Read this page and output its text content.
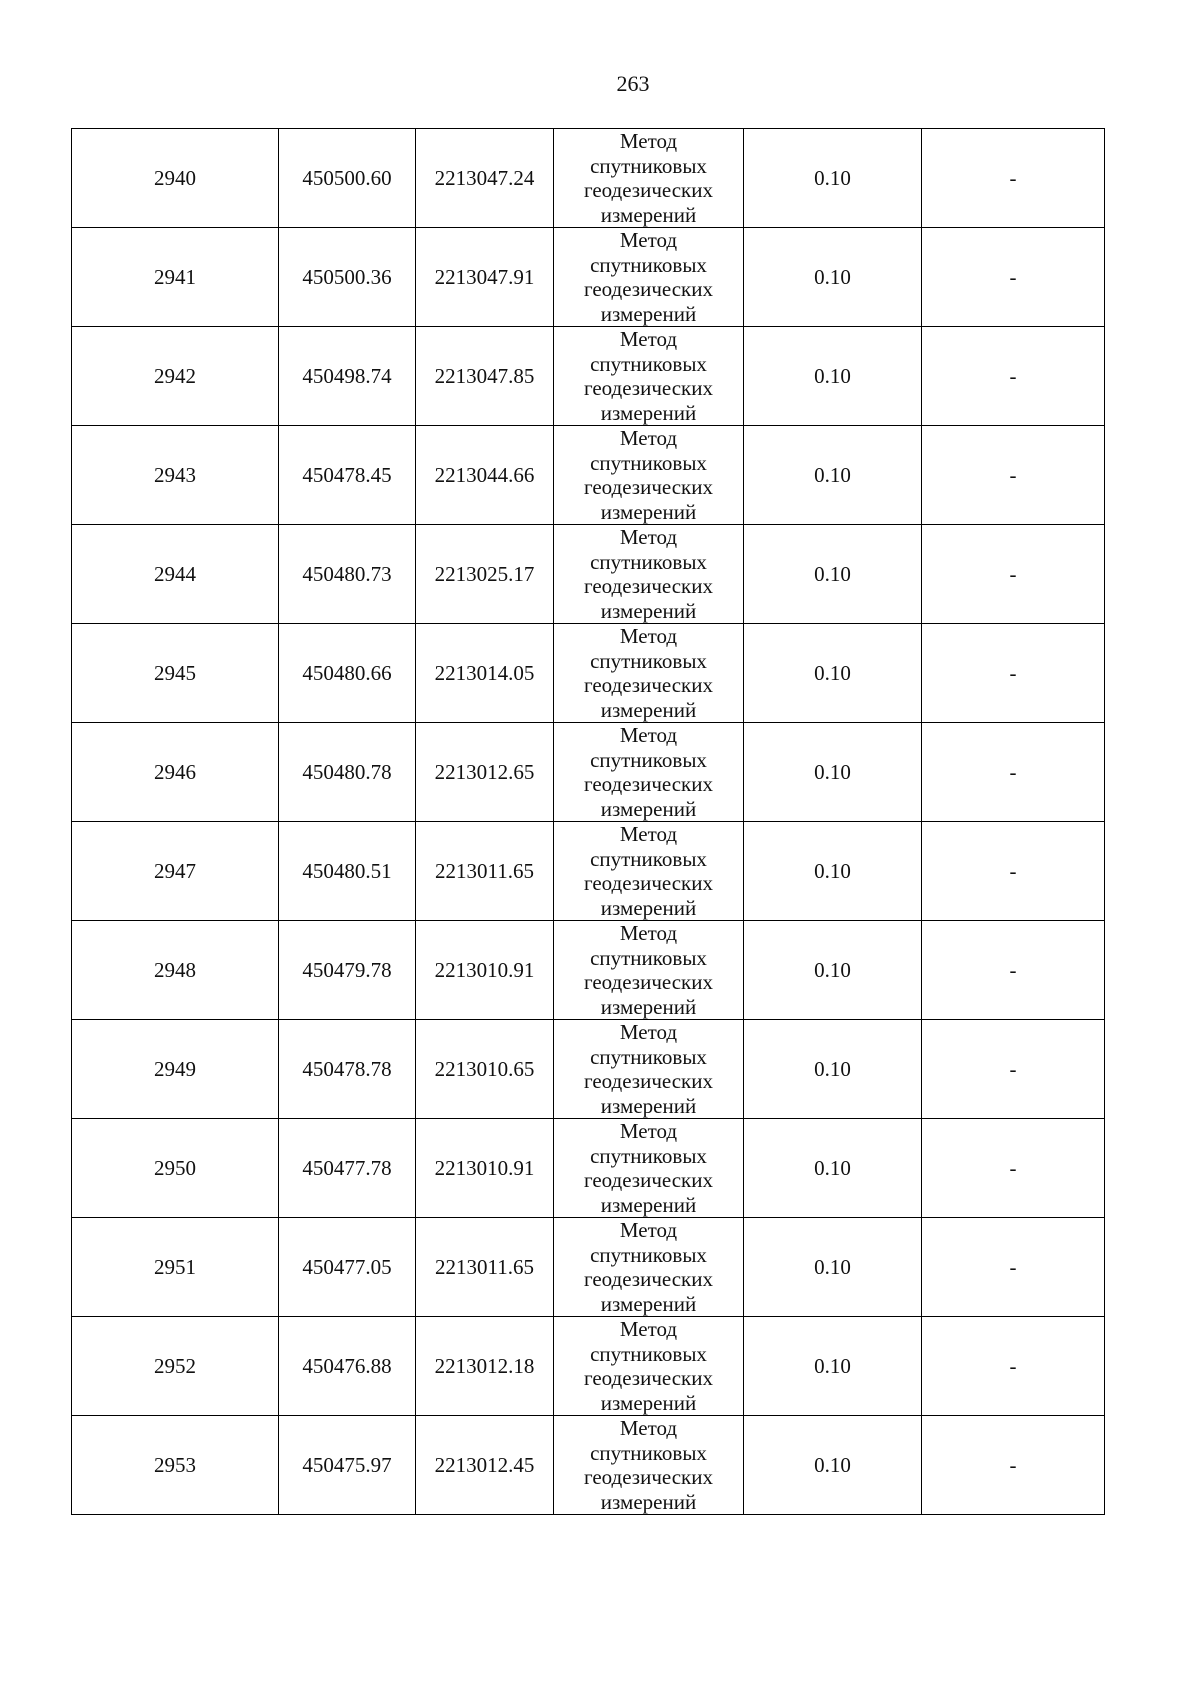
263
2940	450500.60	2213047.24	Метод
спутниковых
геодезических
измерений	0.10	-
2941	450500.36	2213047.91	Метод
спутниковых
геодезических
измерений	0.10	-
2942	450498.74	2213047.85	Метод
спутниковых
геодезических
измерений	0.10	-
2943	450478.45	2213044.66	Метод
спутниковых
геодезических
измерений	0.10	-
2944	450480.73	2213025.17	Метод
спутниковых
геодезических
измерений	0.10	-
2945	450480.66	2213014.05	Метод
спутниковых
геодезических
измерений	0.10	-
2946	450480.78	2213012.65	Метод
спутниковых
геодезических
измерений	0.10	-
2947	450480.51	2213011.65	Метод
спутниковых
геодезических
измерений	0.10	-
2948	450479.78	2213010.91	Метод
спутниковых
геодезических
измерений	0.10	-
2949	450478.78	2213010.65	Метод
спутниковых
геодезических
измерений	0.10	-
2950	450477.78	2213010.91	Метод
спутниковых
геодезических
измерений	0.10	-
2951	450477.05	2213011.65	Метод
спутниковых
геодезических
измерений	0.10	-
2952	450476.88	2213012.18	Метод
спутниковых
геодезических
измерений	0.10	-
2953	450475.97	2213012.45	Метод
спутниковых
геодезических
измерений	0.10	-
